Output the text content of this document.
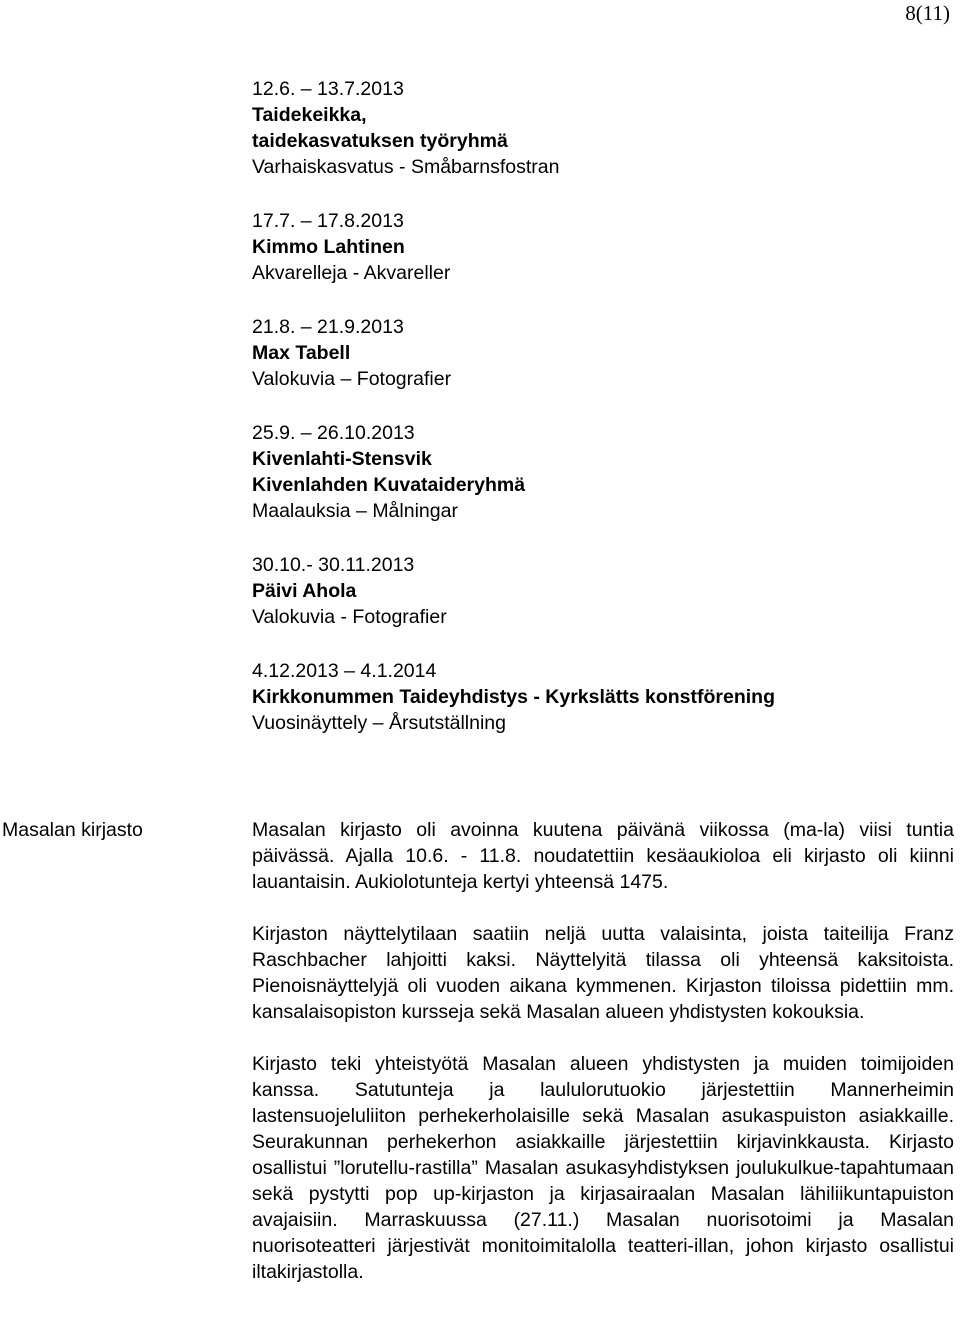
8(11)
12.6. – 13.7.2013
Taidekeikka,
taidekasvatuksen työryhmä
Varhaiskasvatus - Småbarnsfostran
17.7. – 17.8.2013
Kimmo Lahtinen
Akvarelleja - Akvareller
21.8. – 21.9.2013
Max Tabell
Valokuvia – Fotografier
25.9. – 26.10.2013
Kivenlahti-Stensvik
Kivenlahden Kuvataideryhmä
Maalauksia – Målningar
30.10.- 30.11.2013
Päivi Ahola
Valokuvia - Fotografier
4.12.2013 – 4.1.2014
Kirkkonummen Taideyhdistys - Kyrkslätts konstförening
Vuosinäyttely – Årsutställning
Masalan kirjasto	Masalan kirjasto oli avoinna kuutena päivänä viikossa (ma-la) viisi tuntia päivässä. Ajalla 10.6. - 11.8. noudatettiin kesäaukioloa eli kirjasto oli kiinni lauantaisin. Aukiolotunteja kertyi yhteensä 1475.

Kirjaston näyttelytilaan saatiin neljä uutta valaisinta, joista taiteilija Franz Raschbacher lahjoitti kaksi. Näyttelyitä tilassa oli yhteensä kaksitoista. Pienoisnäyttelyjä oli vuoden aikana kymmenen. Kirjaston tiloissa pidettiin mm. kansalaisopiston kursseja sekä Masalan alueen yhdistysten kokouksia.

Kirjasto teki yhteistyötä Masalan alueen yhdistysten ja muiden toimijoiden kanssa. Satutunteja ja laululorutuokio järjestettiin Mannerheimin lastensuojeluliiton perhekerholaisille sekä Masalan asukaspuiston asiakkaille. Seurakunnan perhekerhon asiakkaille järjestettiin kirjavinkkausta. Kirjasto osallistui ”lorutellu-rastilla” Masalan asukasyhdistyksen joulukulkue-tapahtumaan sekä pystytti pop up-kirjaston ja kirjasairaalan Masalan lähiliikuntapuiston avajaisiin. Marraskuussa (27.11.) Masalan nuorisotoimi ja Masalan nuorisoteatteri järjestivät monitoimitalolla teatteri-illan, johon kirjasto osallistui iltakirjastolla.
